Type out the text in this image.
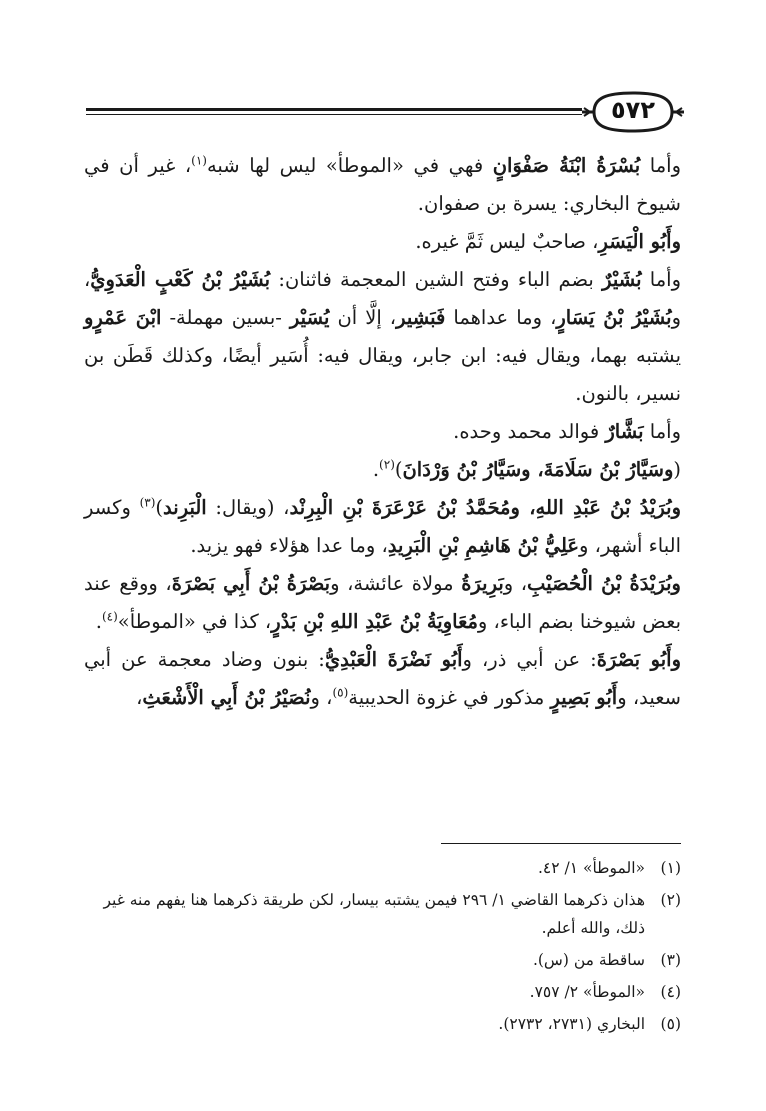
٥٧٢

وأما بُسْرَةُ ابْنَةُ صَفْوَانٍ فهي في «الموطأ» ليس لها شبه$^{(١)}$، غير أن في شيوخ البخاري: يسرة بن صفوان.

وأَبُو الْيَسَرِ، صاحبٌ ليس ثَمَّ غيره.

وأما بُشَيْرٌ بضم الباء وفتح الشين المعجمة فاثنان: بُشَيْرُ بْنُ كَعْبٍ الْعَدَوِيُّ، وبُشَيْرُ بْنُ يَسَارٍ، وما عداهما فَبَشِير، إلَّا أن يُسَيْر -بسين مهملة- ابْنَ عَمْرٍو يشتبه بهما، ويقال فيه: ابن جابر، ويقال فيه: أُسَير أيضًا، وكذلك قَطَن بن نسير، بالنون.

وأما بَشَّارٌ فوالد محمد وحده.

(وسَيَّارُ بْنُ سَلَامَةَ، وسَيَّارُ بْنُ وَرْدَانَ)$^{(٢)}$.

وبُرَيْدُ بْنُ عَبْدِ اللهِ، ومُحَمَّدُ بْنُ عَرْعَرَةَ بْنِ الْبِرِنْد، (ويقال: الْبَرِند)$^{(٣)}$ وكسر الباء أشهر، وعَلِيُّ بْنُ هَاشِمِ بْنِ الْبَرِيدِ، وما عدا هؤلاء فهو يزيد.

وبُرَيْدَةُ بْنُ الْحُصَيْبِ، وبَرِيرَةُ مولاة عائشة، وبَصْرَةُ بْنُ أَبِي بَصْرَةَ، ووقع عند بعض شيوخنا بضم الباء، ومُعَاوِيَةُ بْنُ عَبْدِ اللهِ بْنِ بَدْرٍ، كذا في «الموطأ»$^{(٤)}$.

وأَبُو بَصْرَةَ: عن أبي ذر، وأَبُو نَضْرَةَ الْعَبْدِيُّ: بنون وضاد معجمة عن أبي سعيد، وأَبُو بَصِيرٍ مذكور في غزوة الحديبية$^{(٥)}$، ونُصَيْرُ بْنُ أَبِي الْأَشْعَثِ،

(١)
«الموطأ» ١/ ٤٢.
(٢)
هذان ذكرهما القاضي ١/ ٢٩٦ فيمن يشتبه بيسار، لكن طريقة ذكرهما هنا يفهم منه غير
ذلك، والله أعلم.
(٣)
ساقطة من (س).
(٤)
«الموطأ» ٢/ ٧٥٧.
(٥)
البخاري (٢٧٣١، ٢٧٣٢).
